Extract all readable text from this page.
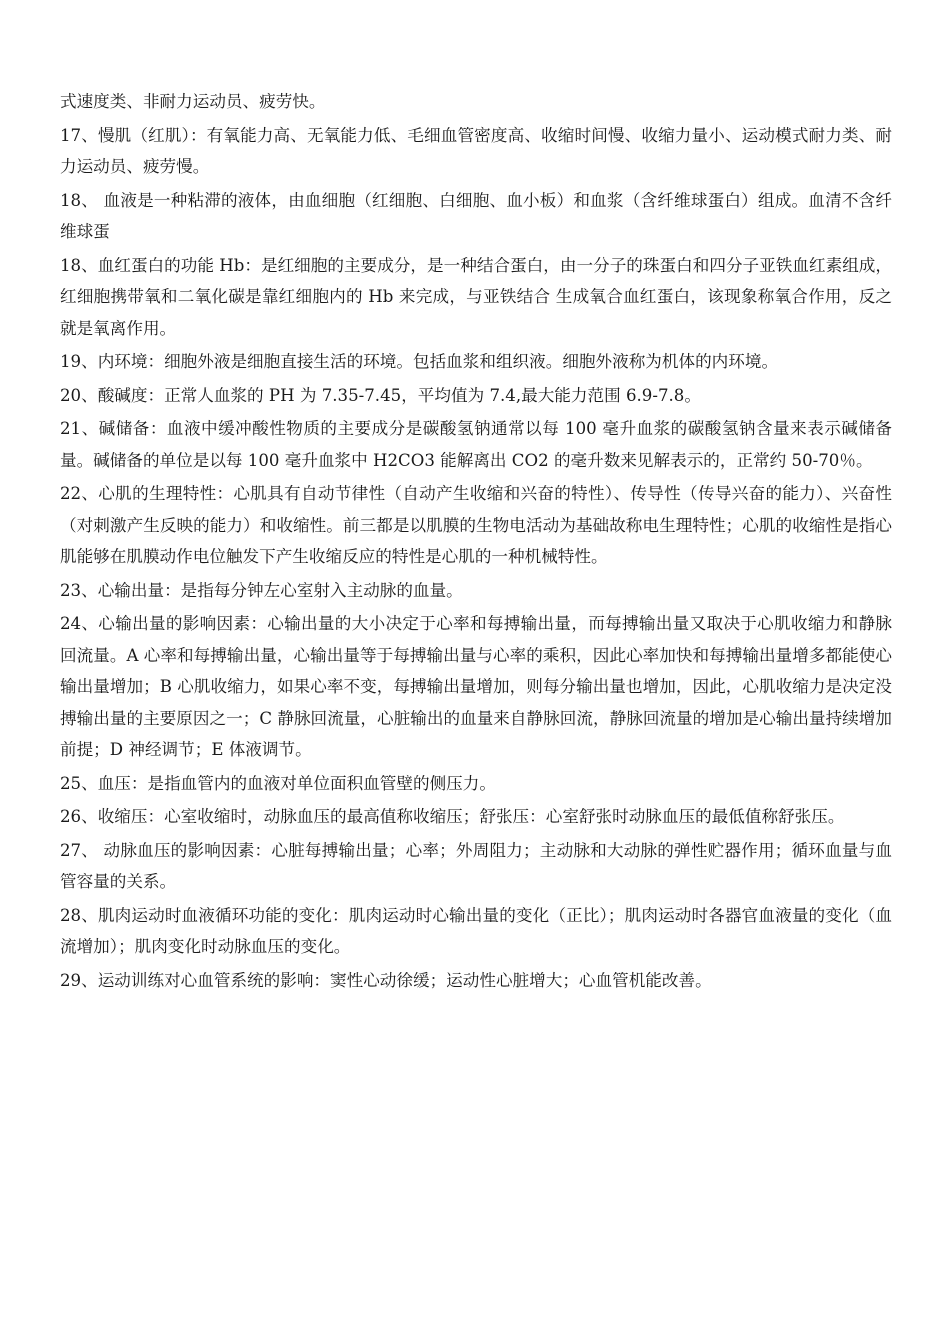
式速度类、非耐力运动员、疲劳快。

17、慢肌（红肌）：有氧能力高、无氧能力低、毛细血管密度高、收缩时间慢、收缩力量小、运动模式耐力类、耐力运动员、疲劳慢。

18、 血液是一种粘滞的液体，由血细胞（红细胞、白细胞、血小板）和血浆（含纤维球蛋白）组成。血清不含纤维球蛋

18、血红蛋白的功能 Hb：是红细胞的主要成分，是一种结合蛋白，由一分子的珠蛋白和四分子亚铁血红素组成，红细胞携带氧和二氧化碳是靠红细胞内的 Hb 来完成，与亚铁结合 生成氧合血红蛋白，该现象称氧合作用，反之就是氧离作用。

19、内环境：细胞外液是细胞直接生活的环境。包括血浆和组织液。细胞外液称为机体的内环境。

20、酸碱度：正常人血浆的 PH 为 7.35-7.45，平均值为 7.4,最大能力范围 6.9-7.8。

21、碱储备：血液中缓冲酸性物质的主要成分是碳酸氢钠通常以每 100 毫升血浆的碳酸氢钠含量来表示碱储备量。碱储备的单位是以每 100 毫升血浆中 H2CO3 能解离出 CO2 的毫升数来见解表示的，正常约 50-70％。

22、心肌的生理特性：心肌具有自动节律性（自动产生收缩和兴奋的特性）、传导性（传导兴奋的能力）、兴奋性（对刺激产生反映的能力）和收缩性。前三都是以肌膜的生物电活动为基础故称电生理特性；心肌的收缩性是指心肌能够在肌膜动作电位触发下产生收缩反应的特性是心肌的一种机械特性。

23、心输出量：是指每分钟左心室射入主动脉的血量。

24、心输出量的影响因素：心输出量的大小决定于心率和每搏输出量，而每搏输出量又取决于心肌收缩力和静脉回流量。A 心率和每搏输出量，心输出量等于每搏输出量与心率的乘积，因此心率加快和每搏输出量增多都能使心输出量增加；B 心肌收缩力，如果心率不变，每搏输出量增加，则每分输出量也增加，因此，心肌收缩力是决定没搏输出量的主要原因之一；C 静脉回流量，心脏输出的血量来自静脉回流，静脉回流量的增加是心输出量持续增加前提；D 神经调节；E 体液调节。

25、血压：是指血管内的血液对单位面积血管壁的侧压力。

26、收缩压：心室收缩时，动脉血压的最高值称收缩压；舒张压：心室舒张时动脉血压的最低值称舒张压。

27、 动脉血压的影响因素：心脏每搏输出量；心率；外周阻力；主动脉和大动脉的弹性贮器作用；循环血量与血管容量的关系。

28、肌肉运动时血液循环功能的变化：肌肉运动时心输出量的变化（正比）；肌肉运动时各器官血液量的变化（血流增加）；肌肉变化时动脉血压的变化。

29、运动训练对心血管系统的影响：窦性心动徐缓；运动性心脏增大；心血管机能改善。
